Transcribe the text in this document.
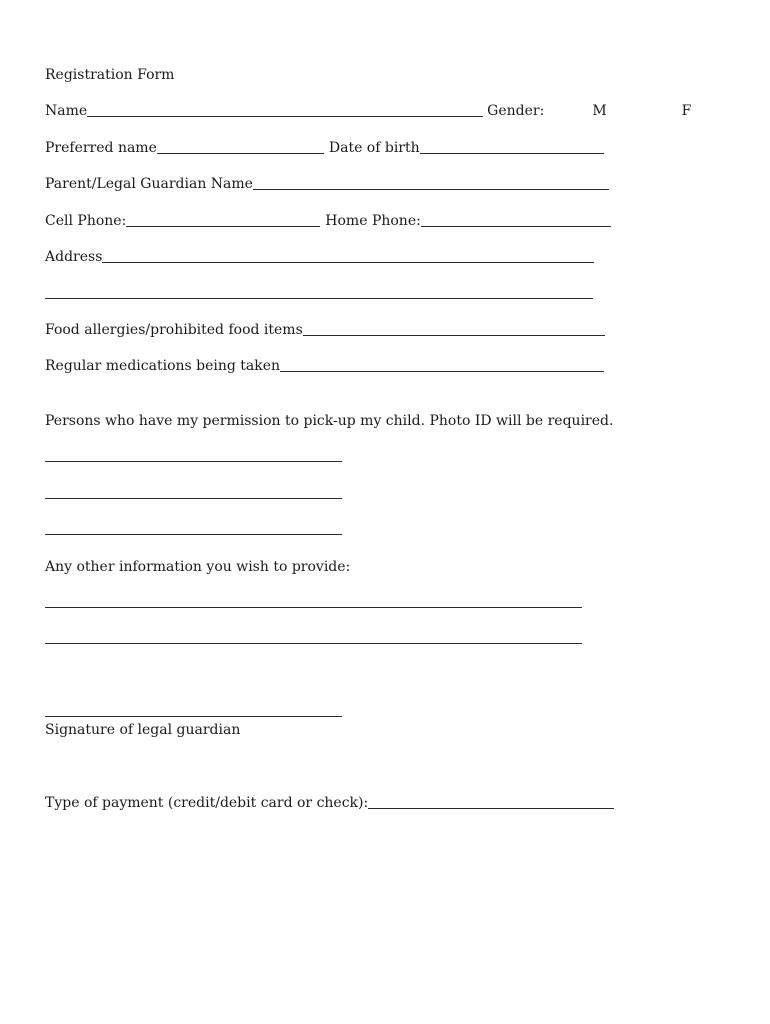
Registration Form
Name	Gender:	M	F
Preferred name	Date of birth
Parent/Legal Guardian Name
Cell Phone:	Home Phone:
Address
Food allergies/prohibited food items
Regular medications being taken
Persons who have my permission to pick-up my child. Photo ID will be required.
Any other information you wish to provide:
Signature of legal guardian
Type of payment (credit/debit card or check):
